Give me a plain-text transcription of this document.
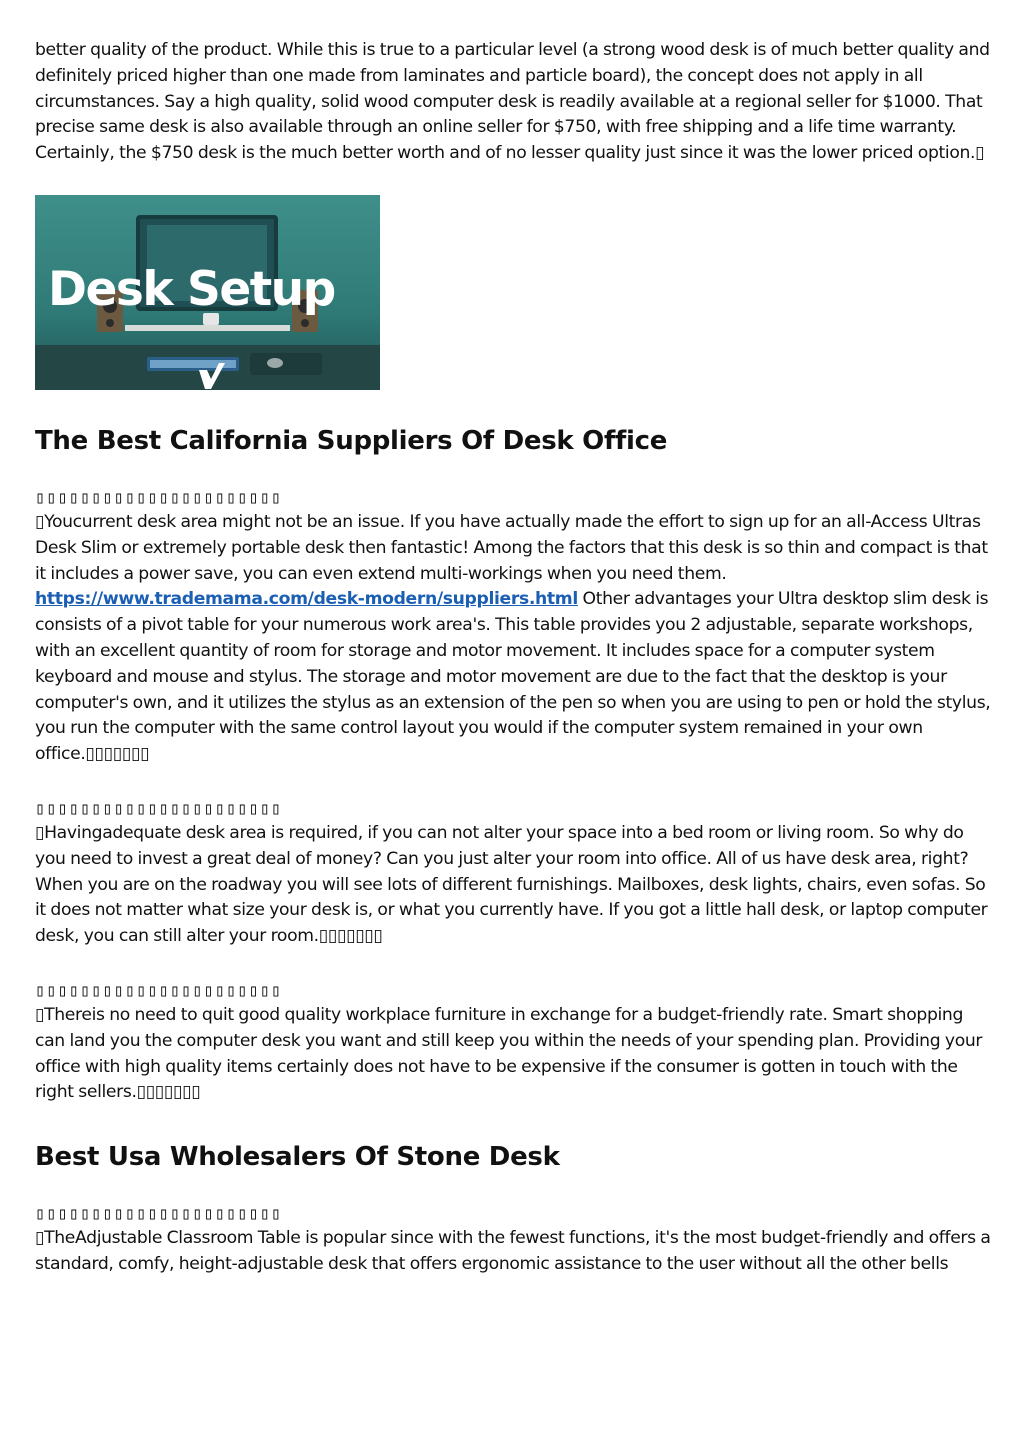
better quality of the product. While this is true to a particular level (a strong wood desk is of much better quality and definitely priced higher than one made from laminates and particle board), the concept does not apply in all circumstances. Say a high quality, solid wood computer desk is readily available at a regional seller for $1000. That precise same desk is also available through an online seller for $750, with free shipping and a life time warranty. Certainly, the $750 desk is the much better worth and of no lesser quality just since it was the lower priced option.▯

Desk Setup
The Best California Suppliers Of Desk Office

▯▯▯▯▯▯▯▯▯▯▯▯▯▯▯▯▯▯▯▯▯▯

▯Youcurrent desk area might not be an issue. If you have actually made the effort to sign up for an all-Access Ultras Desk Slim or extremely portable desk then fantastic! Among the factors that this desk is so thin and compact is that it includes a power save, you can even extend multi-workings when you need them. https://www.trademama.com/desk-modern/suppliers.html Other advantages your Ultra desktop slim desk is consists of a pivot table for your numerous work area's. This table provides you 2 adjustable, separate workshops, with an excellent quantity of room for storage and motor movement. It includes space for a computer system keyboard and mouse and stylus. The storage and motor movement are due to the fact that the desktop is your computer's own, and it utilizes the stylus as an extension of the pen so when you are using to pen or hold the stylus, you run the computer with the same control layout you would if the computer system remained in your own office.▯▯▯▯▯▯▯

▯▯▯▯▯▯▯▯▯▯▯▯▯▯▯▯▯▯▯▯▯▯

▯Havingadequate desk area is required, if you can not alter your space into a bed room or living room. So why do you need to invest a great deal of money? Can you just alter your room into office. All of us have desk area, right? When you are on the roadway you will see lots of different furnishings. Mailboxes, desk lights, chairs, even sofas. So it does not matter what size your desk is, or what you currently have. If you got a little hall desk, or laptop computer desk, you can still alter your room.▯▯▯▯▯▯▯

▯▯▯▯▯▯▯▯▯▯▯▯▯▯▯▯▯▯▯▯▯▯

▯Thereis no need to quit good quality workplace furniture in exchange for a budget-friendly rate. Smart shopping can land you the computer desk you want and still keep you within the needs of your spending plan. Providing your office with high quality items certainly does not have to be expensive if the consumer is gotten in touch with the right sellers.▯▯▯▯▯▯▯

Best Usa Wholesalers Of Stone Desk

▯▯▯▯▯▯▯▯▯▯▯▯▯▯▯▯▯▯▯▯▯▯

▯TheAdjustable Classroom Table is popular since with the fewest functions, it's the most budget-friendly and offers a standard, comfy, height-adjustable desk that offers ergonomic assistance to the user without all the other bells
